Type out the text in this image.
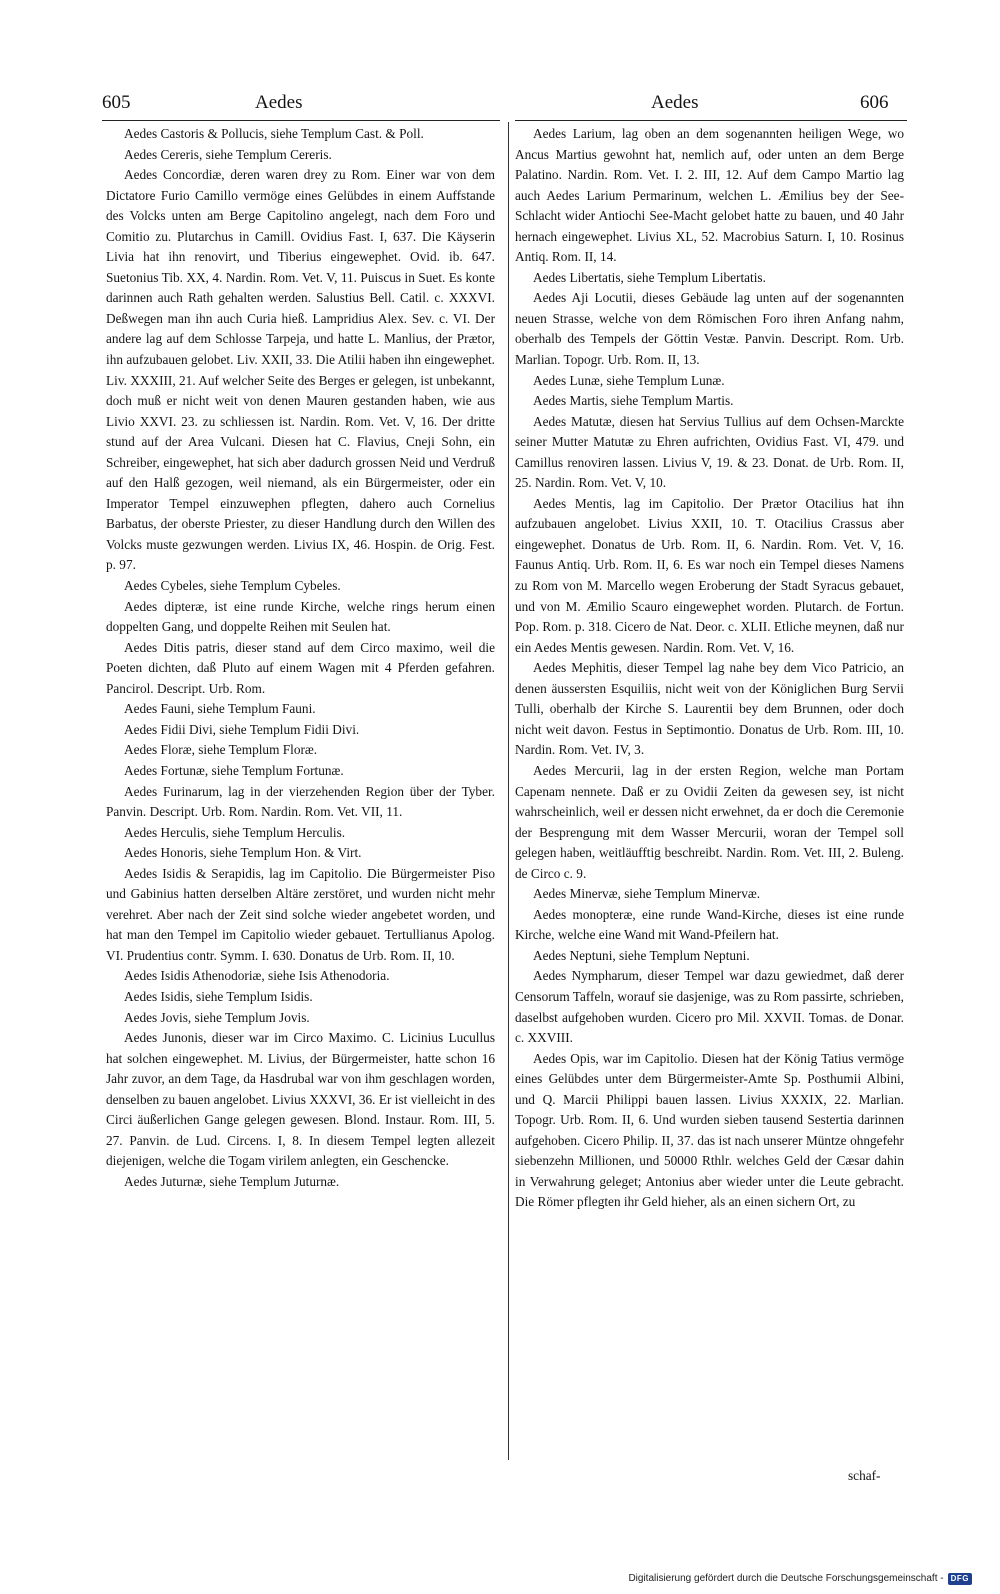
605	Aedes	Aedes	606

Aedes Castoris & Pollucis, siehe Templum Cast. & Poll.

Aedes Cereris, siehe Templum Cereris.

Aedes Concordiæ, deren waren drey zu Rom. Einer war von dem Dictatore Furio Camillo vermöge eines Gelübdes in einem Auffstande des Volcks unten am Berge Capitolino angelegt, nach dem Foro und Comitio zu. Plutarchus in Camill. Ovidius Fast. I, 637. Die Käyserin Livia hat ihn renovirt, und Tiberius eingewephet. Ovid. ib. 647. Suetonius Tib. XX, 4. Nardin. Rom. Vet. V, 11. Puiscus in Suet. Es konte darinnen auch Rath gehalten werden. Salustius Bell. Catil. c. XXXVI. Deßwegen man ihn auch Curia hieß. Lampridius Alex. Sev. c. VI. Der andere lag auf dem Schlosse Tarpeja, und hatte L. Manlius, der Prætor, ihn aufzubauen gelobet. Liv. XXII, 33. Die Atilii haben ihn eingewephet. Liv. XXXIII, 21. Auf welcher Seite des Berges er gelegen, ist unbekannt, doch muß er nicht weit von denen Mauren gestanden haben, wie aus Livio XXVI. 23. zu schliessen ist. Nardin. Rom. Vet. V, 16. Der dritte stund auf der Area Vulcani. Diesen hat C. Flavius, Cneji Sohn, ein Schreiber, eingewephet, hat sich aber dadurch grossen Neid und Verdruß auf den Halß gezogen, weil niemand, als ein Bürgermeister, oder ein Imperator Tempel einzuwephen pflegten, dahero auch Cornelius Barbatus, der oberste Priester, zu dieser Handlung durch den Willen des Volcks muste gezwungen werden. Livius IX, 46. Hospin. de Orig. Fest. p. 97.

Aedes Cybeles, siehe Templum Cybeles.

Aedes dipteræ, ist eine runde Kirche, welche rings herum einen doppelten Gang, und doppelte Reihen mit Seulen hat.

Aedes Ditis patris, dieser stand auf dem Circo maximo, weil die Poeten dichten, daß Pluto auf einem Wagen mit 4 Pferden gefahren. Pancirol. Descript. Urb. Rom.

Aedes Fauni, siehe Templum Fauni.

Aedes Fidii Divi, siehe Templum Fidii Divi.

Aedes Floræ, siehe Templum Floræ.

Aedes Fortunæ, siehe Templum Fortunæ.

Aedes Furinarum, lag in der vierzehenden Region über der Tyber. Panvin. Descript. Urb. Rom. Nardin. Rom. Vet. VII, 11.

Aedes Herculis, siehe Templum Herculis.

Aedes Honoris, siehe Templum Hon. & Virt.

Aedes Isidis & Serapidis, lag im Capitolio. Die Bürgermeister Piso und Gabinius hatten derselben Altäre zerstöret, und wurden nicht mehr verehret. Aber nach der Zeit sind solche wieder angebetet worden, und hat man den Tempel im Capitolio wieder gebauet. Tertullianus Apolog. VI. Prudentius contr. Symm. I. 630. Donatus de Urb. Rom. II, 10.

Aedes Isidis Athenodoriæ, siehe Isis Athenodoria.

Aedes Isidis, siehe Templum Isidis.

Aedes Jovis, siehe Templum Jovis.

Aedes Junonis, dieser war im Circo Maximo. C. Licinius Lucullus hat solchen eingewephet. M. Livius, der Bürgermeister, hatte schon 16 Jahr zuvor, an dem Tage, da Hasdrubal war von ihm geschlagen worden, denselben zu bauen angelobet. Livius XXXVI, 36. Er ist vielleicht in des Circi äußerlichen Gange gelegen gewesen. Blond. Instaur. Rom. III, 5. 27. Panvin. de Lud. Circens. I, 8. In diesem Tempel legten allezeit diejenigen, welche die Togam virilem anlegten, ein Geschencke.

Aedes Juturnæ, siehe Templum Juturnæ.

Aedes Larium, lag oben an dem sogenannten heiligen Wege, wo Ancus Martius gewohnt hat, nemlich auf, oder unten an dem Berge Palatino. Nardin. Rom. Vet. I. 2. III, 12. Auf dem Campo Martio lag auch Aedes Larium Permarinum, welchen L. Æmilius bey der See-Schlacht wider Antiochi See-Macht gelobet hatte zu bauen, und 40 Jahr hernach eingewephet. Livius XL, 52. Macrobius Saturn. I, 10. Rosinus Antiq. Rom. II, 14.

Aedes Libertatis, siehe Templum Libertatis.

Aedes Aji Locutii, dieses Gebäude lag unten auf der sogenannten neuen Strasse, welche von dem Römischen Foro ihren Anfang nahm, oberhalb des Tempels der Göttin Vestæ. Panvin. Descript. Rom. Urb. Marlian. Topogr. Urb. Rom. II, 13.

Aedes Lunæ, siehe Templum Lunæ.

Aedes Martis, siehe Templum Martis.

Aedes Matutæ, diesen hat Servius Tullius auf dem Ochsen-Marckte seiner Mutter Matutæ zu Ehren aufrichten, Ovidius Fast. VI, 479. und Camillus renoviren lassen. Livius V, 19. & 23. Donat. de Urb. Rom. II, 25. Nardin. Rom. Vet. V, 10.

Aedes Mentis, lag im Capitolio. Der Prætor Otacilius hat ihn aufzubauen angelobet. Livius XXII, 10. T. Otacilius Crassus aber eingewephet. Donatus de Urb. Rom. II, 6. Nardin. Rom. Vet. V, 16. Faunus Antiq. Urb. Rom. II, 6. Es war noch ein Tempel dieses Namens zu Rom von M. Marcello wegen Eroberung der Stadt Syracus gebauet, und von M. Æmilio Scauro eingewephet worden. Plutarch. de Fortun. Pop. Rom. p. 318. Cicero de Nat. Deor. c. XLII. Etliche meynen, daß nur ein Aedes Mentis gewesen. Nardin. Rom. Vet. V, 16.

Aedes Mephitis, dieser Tempel lag nahe bey dem Vico Patricio, an denen äussersten Esquiliis, nicht weit von der Königlichen Burg Servii Tulli, oberhalb der Kirche S. Laurentii bey dem Brunnen, oder doch nicht weit davon. Festus in Septimontio. Donatus de Urb. Rom. III, 10. Nardin. Rom. Vet. IV, 3.

Aedes Mercurii, lag in der ersten Region, welche man Portam Capenam nennete. Daß er zu Ovidii Zeiten da gewesen sey, ist nicht wahrscheinlich, weil er dessen nicht erwehnet, da er doch die Ceremonie der Besprengung mit dem Wasser Mercurii, woran der Tempel soll gelegen haben, weitläufftig beschreibt. Nardin. Rom. Vet. III, 2. Buleng. de Circo c. 9.

Aedes Minervæ, siehe Templum Minervæ.

Aedes monopteræ, eine runde Wand-Kirche, dieses ist eine runde Kirche, welche eine Wand mit Wand-Pfeilern hat.

Aedes Neptuni, siehe Templum Neptuni.

Aedes Nympharum, dieser Tempel war dazu gewiedmet, daß derer Censorum Taffeln, worauf sie dasjenige, was zu Rom passirte, schrieben, daselbst aufgehoben wurden. Cicero pro Mil. XXVII. Tomas. de Donar. c. XXVIII.

Aedes Opis, war im Capitolio. Diesen hat der König Tatius vermöge eines Gelübdes unter dem Bürgermeister-Amte Sp. Posthumii Albini, und Q. Marcii Philippi bauen lassen. Livius XXXIX, 22. Marlian. Topogr. Urb. Rom. II, 6. Und wurden sieben tausend Sestertia darinnen aufgehoben. Cicero Philip. II, 37. das ist nach unserer Müntze ohngefehr siebenzehn Millionen, und 50000 Rthlr. welches Geld der Cæsar dahin in Verwahrung geleget; Antonius aber wieder unter die Leute gebracht. Die Römer pflegten ihr Geld hieher, als an einen sichern Ort, zu

schaf-
Digitalisierung gefördert durch die Deutsche Forschungsgemeinschaft - DFG
